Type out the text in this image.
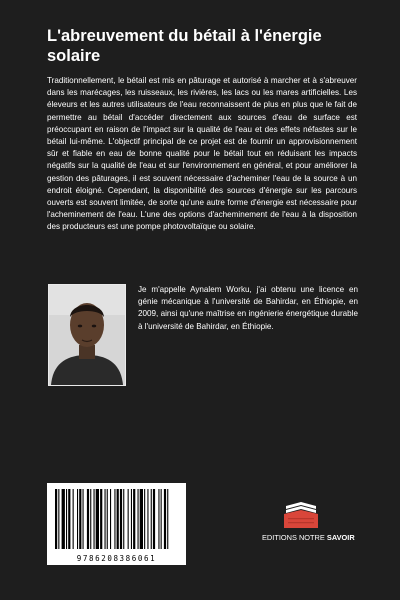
L'abreuvement du bétail à l'énergie solaire

Traditionnellement, le bétail est mis en pâturage et autorisé à marcher et à s'abreuver dans les marécages, les ruisseaux, les rivières, les lacs ou les mares artificielles. Les éleveurs et les autres utilisateurs de l'eau reconnaissent de plus en plus que le fait de permettre au bétail d'accéder directement aux sources d'eau de surface est préoccupant en raison de l'impact sur la qualité de l'eau et des effets néfastes sur le bétail lui-même. L'objectif principal de ce projet est de fournir un approvisionnement sûr et fiable en eau de bonne qualité pour le bétail tout en réduisant les impacts négatifs sur la qualité de l'eau et sur l'environnement en général, et pour améliorer la gestion des pâturages, il est souvent nécessaire d'acheminer l'eau de la source à un endroit éloigné. Cependant, la disponibilité des sources d'énergie sur les parcours ouverts est souvent limitée, de sorte qu'une autre forme d'énergie est nécessaire pour l'acheminement de l'eau. L'une des options d'acheminement de l'eau à la disposition des producteurs est une pompe photovoltaïque ou solaire.

Je m'appelle Aynalem Worku, j'ai obtenu une licence en génie mécanique à l'université de Bahirdar, en Éthiopie, en 2009, ainsi qu'une maîtrise en ingénierie énergétique durable à l'université de Bahirdar, en Éthiopie.

9786208386061
EDITIONS NOTRE SAVOIR
